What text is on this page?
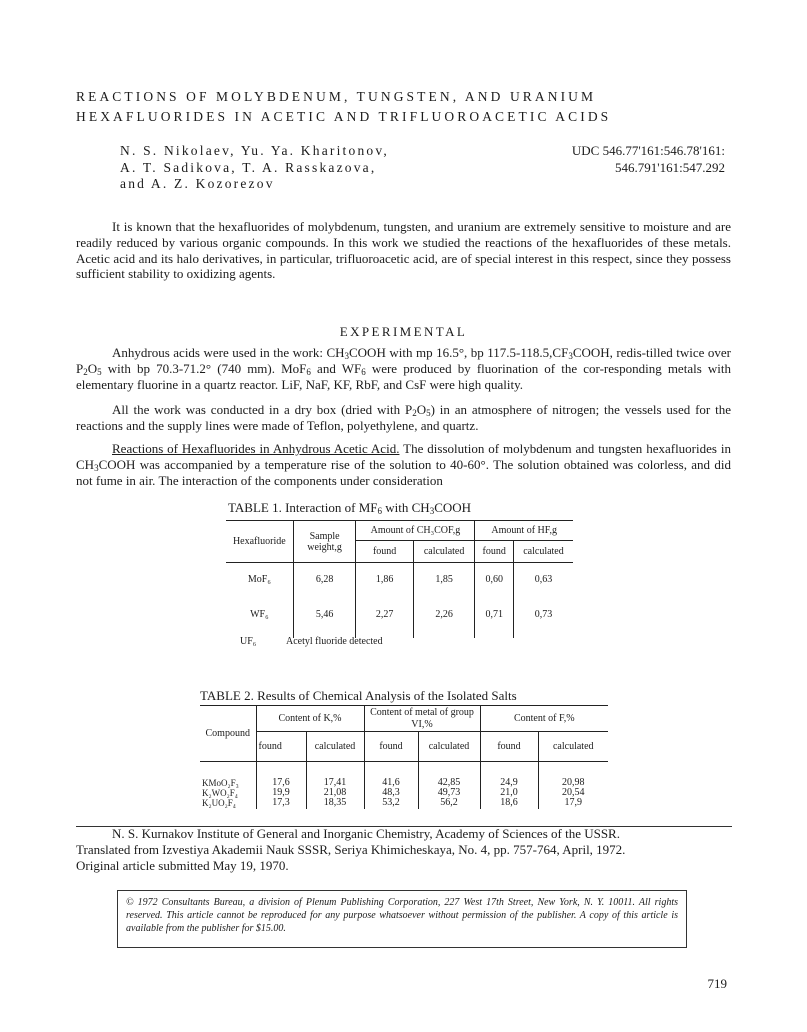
REACTIONS OF MOLYBDENUM, TUNGSTEN, AND URANIUM
HEXAFLUORIDES IN ACETIC AND TRIFLUOROACETIC ACIDS
N. S. Nikolaev, Yu. Ya. Kharitonov,
A. T. Sadikova, T. A. Rasskazova,
and A. Z. Kozorezov
UDC 546.77'161:546.78'161:
546.791'161:547.292
It is known that the hexafluorides of molybdenum, tungsten, and uranium are extremely sensitive to moisture and are readily reduced by various organic compounds. In this work we studied the reactions of the hexafluorides of these metals. Acetic acid and its halo derivatives, in particular, trifluoroacetic acid, are of special interest in this respect, since they possess sufficient stability to oxidizing agents.
EXPERIMENTAL
Anhydrous acids were used in the work: $CH_3COOH$ with mp 16.5°, bp $117.5-118.5,CF_3COOH$, redis-tilled twice over $P_2O_5$ with bp 70.3-71.2° (740 mm). MoF$_6$ and $WF_6$ were produced by fluorination of the cor-responding metals with elementary fluorine in a quartz reactor. LiF, NaF, KF, RbF, and CsF were high quality.
All the work was conducted in a dry box (dried with $P_2O_5$) in an atmosphere of nitrogen; the vessels used for the reactions and the supply lines were made of Teflon, polyethylene, and quartz.
Reactions of Hexafluorides in Anhydrous Acetic Acid. The dissolution of molybdenum and tungsten hexafluorides in $CH_3COOH$ was accompanied by a temperature rise of the solution to 40-60°. The solution obtained was colorless, and did not fume in air. The interaction of the components under consideration
TABLE 1. Interaction of $MF_6$ with $CH_3COOH$
Hexafluoride	Sample weight,g	Amount of CH₃COF,g		Amount of HF,g	
		found	calculated	found	calculated
MoF₆	6,28	1,86	1,85	0,60	0,63
WF₆	5,46	2,27	2,26	0,71	0,73

UF₆	Acetyl fluoride detected
TABLE 2. Results of Chemical Analysis of the Isolated Salts
Compound	Content of K,%		Content of metal of group VI,%		Content of F,%	
	found	calculated	found	calculated	found	calculated

KMoO₂F₃	17,6	17,41	41,6	42,85	24,9	20,98
K₂WO₂F₄	19,9	21,08	48,3	49,73	21,0	20,54
K₂UO₂F₄	17,3	18,35	53,2	56,2	18,6	17,9
N. S. Kurnakov Institute of General and Inorganic Chemistry, Academy of Sciences of the USSR.
Translated from Izvestiya Akademii Nauk SSSR, Seriya Khimicheskaya, No. 4, pp. 757-764, April, 1972.
Original article submitted May 19, 1970.
© 1972 Consultants Bureau, a division of Plenum Publishing Corporation, 227 West 17th Street, New York, N. Y. 10011. All rights reserved. This article cannot be reproduced for any purpose whatsoever without permission of the publisher. A copy of this article is available from the publisher for $15.00.
719
